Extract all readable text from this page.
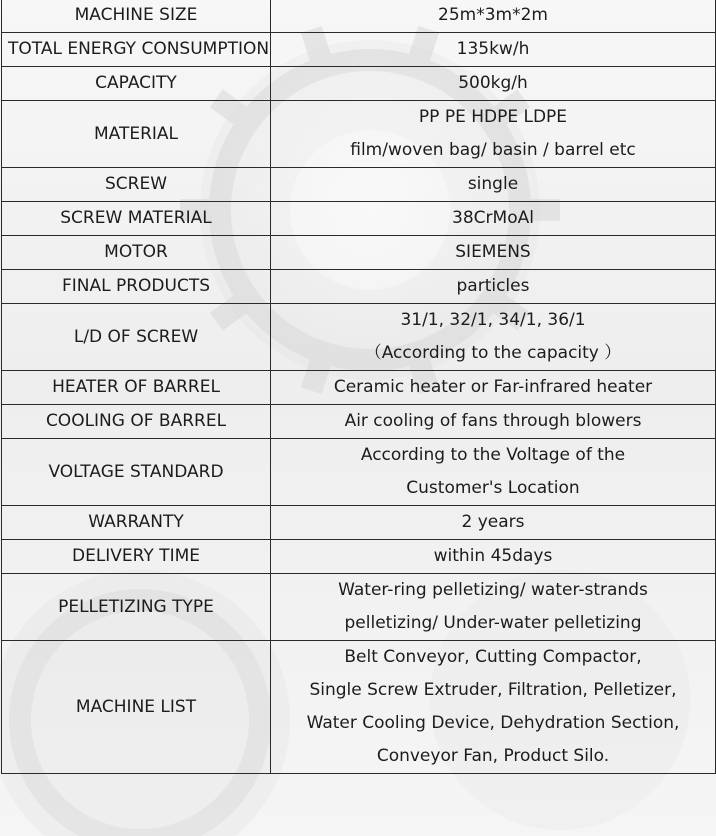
MACHINE SIZE	25m*3m*2m

TOTAL ENERGY CONSUMPTION	135kw/h

CAPACITY	500kg/h

MATERIAL	PP PE HDPE LDPE
film/woven bag/ basin / barrel etc

SCREW	single

SCREW MATERIAL	38CrMoAl

MOTOR	SIEMENS

FINAL PRODUCTS	particles

L/D OF SCREW	31/1, 32/1, 34/1, 36/1
（According to the capacity ）

HEATER OF BARREL	Ceramic heater or Far-infrared heater

COOLING OF BARREL	Air cooling of fans through blowers

VOLTAGE STANDARD	According to the Voltage of the
Customer's Location

WARRANTY	2 years

DELIVERY TIME	within 45days

PELLETIZING TYPE	Water-ring pelletizing/ water-strands
pelletizing/ Under-water pelletizing

MACHINE LIST	Belt Conveyor, Cutting Compactor,
Single Screw Extruder, Filtration, Pelletizer,
Water Cooling Device, Dehydration Section,
Conveyor Fan, Product Silo.
